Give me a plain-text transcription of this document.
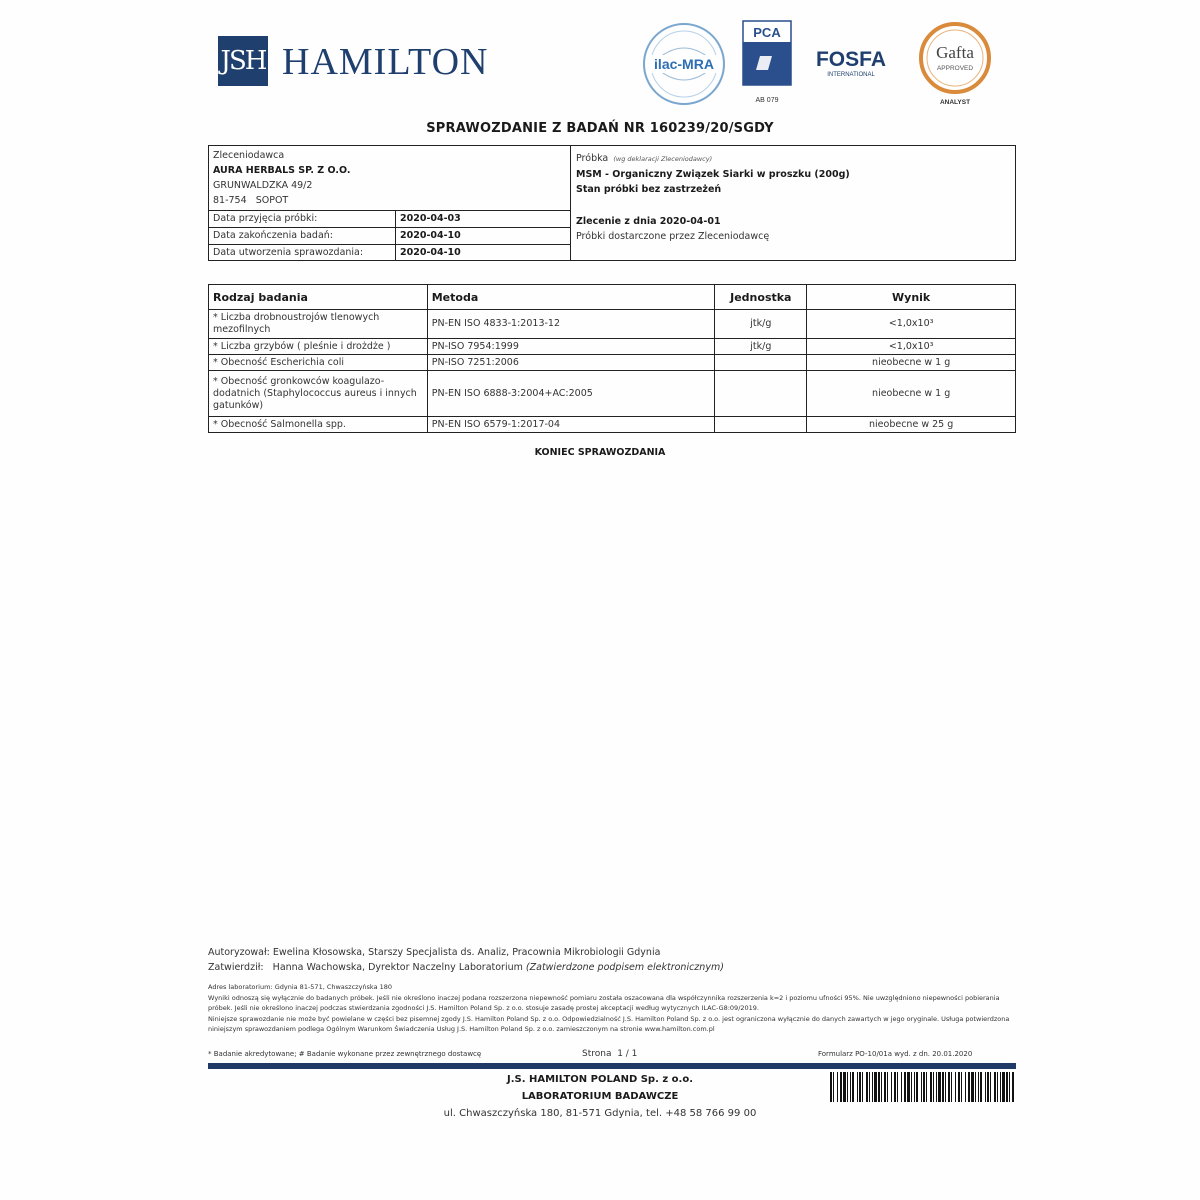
JSH HAMILTON	ilac-MRA
PCA
AB 079
FOSFA
INTERNATIONAL
Gafta
APPROVED
ANALYST
SPRAWOZDANIE Z BADAŃ NR 160239/20/SGDY
Zleceniodawca
AURA HERBALS SP. Z O.O.
GRUNWALDZKA 49/2
81-754   SOPOT
Data przyjęcia próbki:	2020-04-03
Data zakończenia badań:	2020-04-10
Data utworzenia sprawozdania:	2020-04-10
Próbka (wg deklaracji Zleceniodawcy)
MSM - Organiczny Związek Siarki w proszku (200g)
Stan próbki bez zastrzeżeń
Zlecenie z dnia 2020-04-01
Próbki dostarczone przez Zleceniodawcę
Rodzaj badania	Metoda	Jednostka	Wynik
* Liczba drobnoustrojów tlenowych mezofilnych	PN-EN ISO 4833-1:2013-12	jtk/g	<1,0x10³
* Liczba grzybów ( pleśnie i drożdże )	PN-ISO 7954:1999	jtk/g	<1,0x10³
* Obecność Escherichia coli	PN-ISO 7251:2006		nieobecne w 1 g
* Obecność gronkowców koagulazo-dodatnich (Staphylococcus aureus i innych gatunków)	PN-EN ISO 6888-3:2004+AC:2005		nieobecne w 1 g
* Obecność Salmonella spp.	PN-EN ISO 6579-1:2017-04		nieobecne w 25 g
KONIEC SPRAWOZDANIA
Autoryzował: Ewelina Kłosowska, Starszy Specjalista ds. Analiz, Pracownia Mikrobiologii Gdynia
Zatwierdził: Hanna Wachowska, Dyrektor Naczelny Laboratorium (Zatwierdzone podpisem elektronicznym)
Adres laboratorium: Gdynia 81-571, Chwaszczyńska 180
Wyniki odnoszą się wyłącznie do badanych próbek. Jeśli nie określono inaczej podana rozszerzona niepewność pomiaru została oszacowana dla współczynnika rozszerzenia k=2 i poziomu ufności 95%. Nie uwzględniono niepewności pobierania próbek. Jeśli nie określono inaczej podczas stwierdzania zgodności J.S. Hamilton Poland Sp. z o.o. stosuje zasadę prostej akceptacji według wytycznych ILAC-G8:09/2019.
Niniejsze sprawozdanie nie może być powielane w części bez pisemnej zgody J.S. Hamilton Poland Sp. z o.o. Odpowiedzialność J.S. Hamilton Poland Sp. z o.o. jest ograniczona wyłącznie do danych zawartych w jego oryginale. Usługa potwierdzona niniejszym sprawozdaniem podlega Ogólnym Warunkom Świadczenia Usług J.S. Hamilton Poland Sp. z o.o. zamieszczonym na stronie www.hamilton.com.pl
* Badanie akredytowane; # Badanie wykonane przez zewnętrznego dostawcę	Strona  1 / 1	Formularz PO-10/01a wyd. z dn. 20.01.2020
J.S. HAMILTON POLAND Sp. z o.o.
LABORATORIUM BADAWCZE
ul. Chwaszczyńska 180, 81-571 Gdynia, tel. +48 58 766 99 00
